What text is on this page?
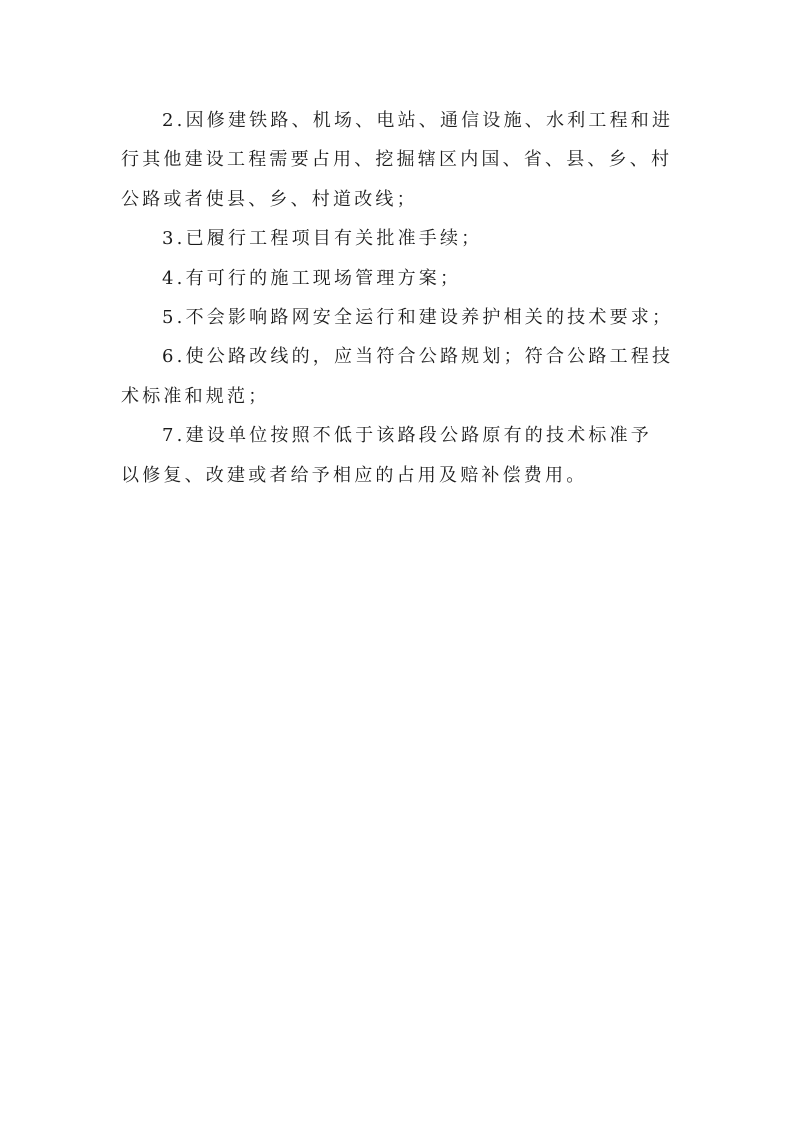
2.因修建铁路、机场、电站、通信设施、水利工程和进
行其他建设工程需要占用、挖掘辖区内国、省、县、乡、村
公路或者使县、乡、村道改线；
3.已履行工程项目有关批准手续；
4.有可行的施工现场管理方案；
5.不会影响路网安全运行和建设养护相关的技术要求；
6.使公路改线的，应当符合公路规划；符合公路工程技
术标准和规范；
7.建设单位按照不低于该路段公路原有的技术标准予
以修复、改建或者给予相应的占用及赔补偿费用。
